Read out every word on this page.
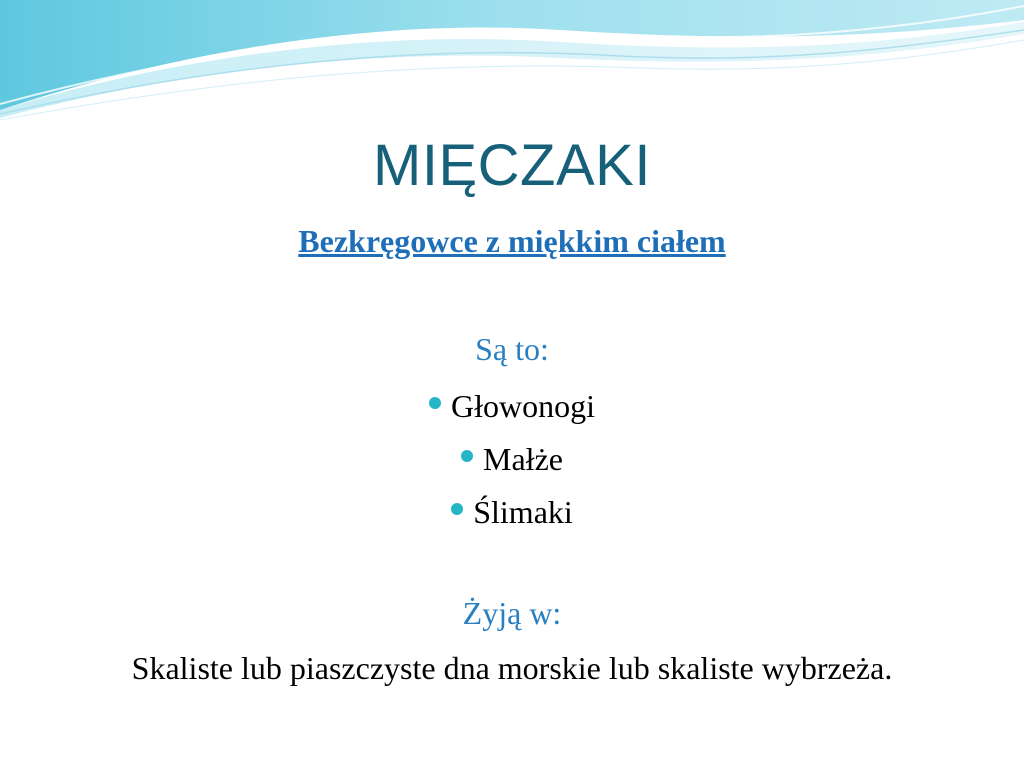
MIĘCZAKI
Bezkręgowce z miękkim ciałem
Są to:
Głowonogi
Małże
Ślimaki
Żyją w:
Skaliste lub piaszczyste dna morskie lub skaliste wybrzeża.
